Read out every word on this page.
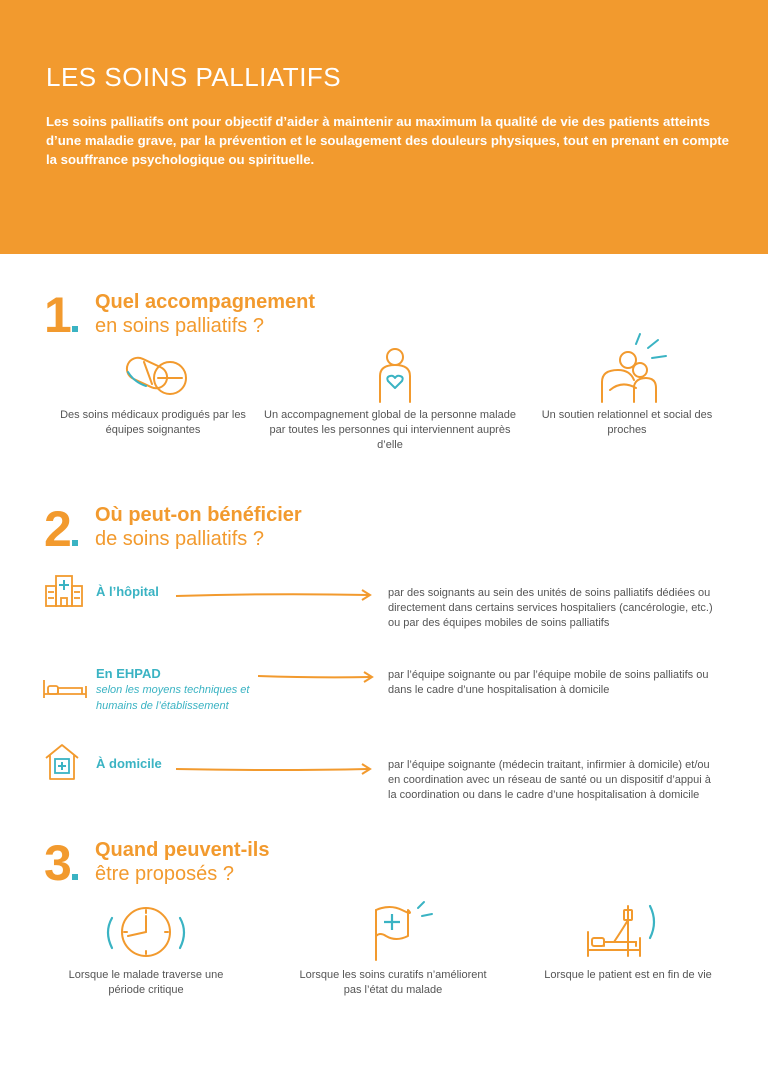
LES SOINS PALLIATIFS
Les soins palliatifs ont pour objectif d’aider à maintenir au maximum la qualité de vie des patients atteints d’une maladie grave, par la prévention et le soulagement des douleurs physiques, tout en prenant en compte la souffrance psychologique ou spirituelle.
1 Quel accompagnement
en soins palliatifs ?
Des soins médicaux prodigués par les équipes soignantes
Un accompagnement global de la personne malade par toutes les personnes qui interviennent auprès d’elle
Un soutien relationnel et social des proches
2 Où peut-on bénéficier
de soins palliatifs ?
À l’hôpital	par des soignants au sein des unités de soins palliatifs dédiées ou directement dans certains services hospitaliers (cancérologie, etc.) ou par des équipes mobiles de soins palliatifs
En EHPAD
selon les moyens techniques et humains de l’établissement
par l’équipe soignante ou par l’équipe mobile de soins palliatifs ou dans le cadre d’une hospitalisation à domicile
À domicile	par l’équipe soignante (médecin traitant, infirmier à domicile) et/ou en coordination avec un réseau de santé ou un dispositif d’appui à la coordination ou dans le cadre d’une hospitalisation à domicile
3 Quand peuvent-ils
être proposés ?
Lorsque le malade traverse une période critique
Lorsque les soins curatifs n’améliorent pas l’état du malade
Lorsque le patient est en fin de vie
